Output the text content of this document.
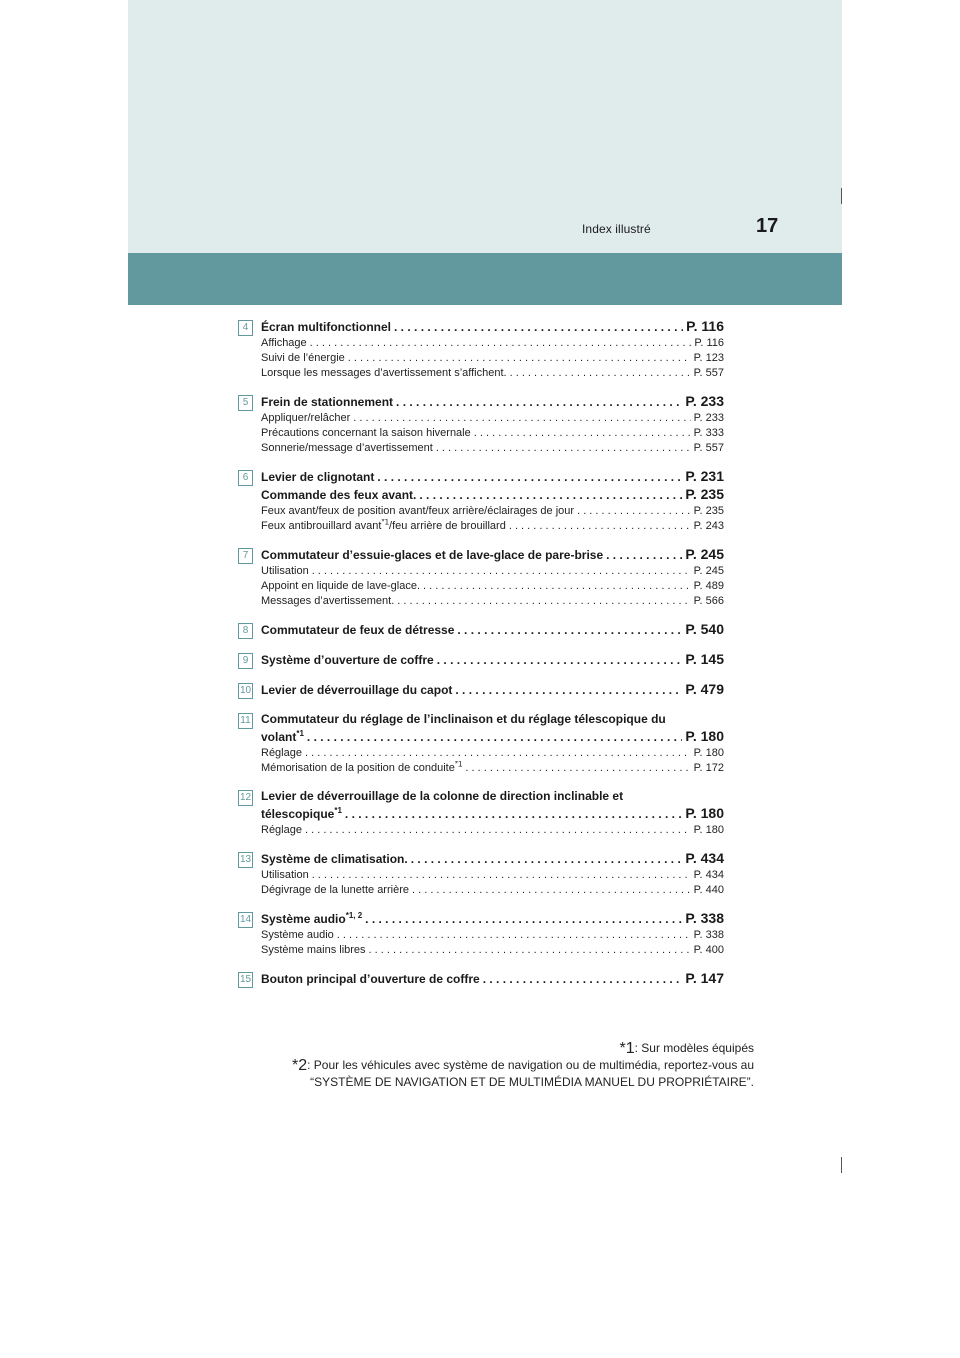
Index illustré	17
4	Écran multifonctionnel . . .	P. 116
Affichage . . .	P. 116
Suivi de l’énergie . . .	P. 123
Lorsque les messages d’avertissement s’affichent. . . .	P. 557
5	Frein de stationnement . . .	P. 233
Appliquer/relâcher . . .	P. 233
Précautions concernant la saison hivernale . . .	P. 333
Sonnerie/message d’avertissement . . .	P. 557
6	Levier de clignotant . . .	P. 231
Commande des feux avant. . . .	P. 235
Feux avant/feux de position avant/feux arrière/éclairages de jour . . .	P. 235
Feux antibrouillard avant$^{*1}$/feu arrière de brouillard . . .	P. 243
7	Commutateur d’essuie-glaces et de lave-glace de pare-brise . . .	P. 245
Utilisation . . .	P. 245
Appoint en liquide de lave-glace. . . .	P. 489
Messages d’avertissement. . . .	P. 566
8	Commutateur de feux de détresse . . .	P. 540
9	Système d’ouverture de coffre . . .	P. 145
10 Levier de déverrouillage du capot . . .	P. 479
11 Commutateur du réglage de l’inclinaison et du réglage télescopique du
volant$^{*1}$ . . .	P. 180
Réglage . . .	P. 180
Mémorisation de la position de conduite$^{*1}$ . . .	P. 172
12 Levier de déverrouillage de la colonne de direction inclinable et
télescopique$^{*1}$ . . .	P. 180
Réglage . . .	P. 180
13 Système de climatisation. . . .	P. 434
Utilisation . . .	P. 434
Dégivrage de la lunette arrière . . .	P. 440
14 Système audio$^{*1, 2}$ . . .	P. 338
Système audio . . .	P. 338
Système mains libres . . .	P. 400
15 Bouton principal d’ouverture de coffre . . .	P. 147
*1: Sur modèles équipés
*2: Pour les véhicules avec système de navigation ou de multimédia, reportez-vous au
“SYSTÈME DE NAVIGATION ET DE MULTIMÉDIA MANUEL DU PROPRIÉTAIRE”.
